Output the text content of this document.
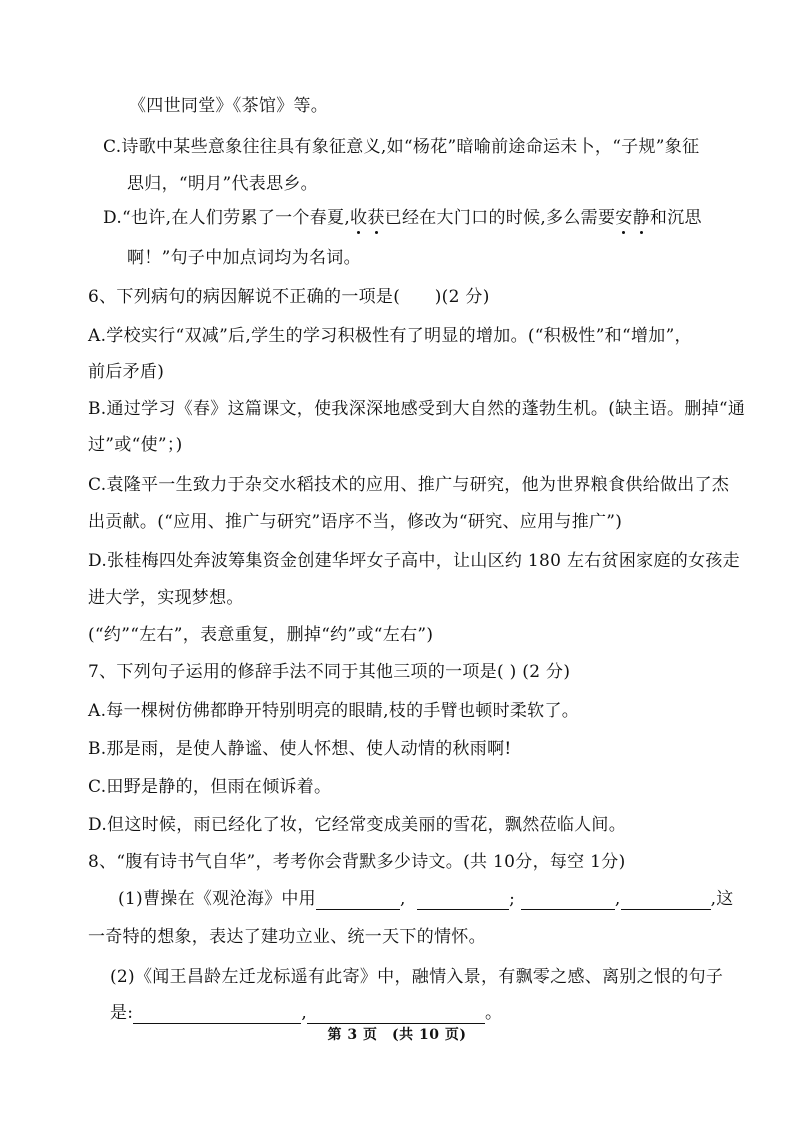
《四世同堂》《茶馆》等。
C.诗歌中某些意象往往具有象征意义,如“杨花”暗喻前途命运未卜，“子规”象征
思归，“明月”代表思乡。
D.“也许,在人们劳累了一个春夏,收获已经在大门口的时候,多么需要安静和沉思
啊！”句子中加点词均为名词。
6、下列病句的病因解说不正确的一项是(　　)(2 分)
A.学校实行“双减”后,学生的学习积极性有了明显的增加。(“积极性”和“增加”，
前后矛盾)
B.通过学习《春》这篇课文，使我深深地感受到大自然的蓬勃生机。(缺主语。删掉“通
过”或“使”；)
C.袁隆平一生致力于杂交水稻技术的应用、推广与研究，他为世界粮食供给做出了杰
出贡献。(“应用、推广与研究”语序不当，修改为“研究、应用与推广”)
D.张桂梅四处奔波筹集资金创建华坪女子高中，让山区约 180 左右贫困家庭的女孩走
进大学，实现梦想。
(“约”“左右”，表意重复，删掉“约”或“左右”)
7、下列句子运用的修辞手法不同于其他三项的一项是( ) (2 分)
A.每一棵树仿佛都睁开特别明亮的眼睛,枝的手臂也顿时柔软了。
B.那是雨，是使人静谧、使人怀想、使人动情的秋雨啊!
C.田野是静的，但雨在倾诉着。
D.但这时候，雨已经化了妆，它经常变成美丽的雪花，飘然莅临人间。
8、“腹有诗书气自华”，考考你会背默多少诗文。(共 10分，每空 1分)
(1)曹操在《观沧海》中用	,	;	,	,这
一奇特的想象，表达了建功立业、统一天下的情怀。
(2)《闻王昌龄左迁龙标遥有此寄》中，融情入景，有飘零之感、离别之恨的句子
是:	,	。
第 3 页　(共 10 页)
